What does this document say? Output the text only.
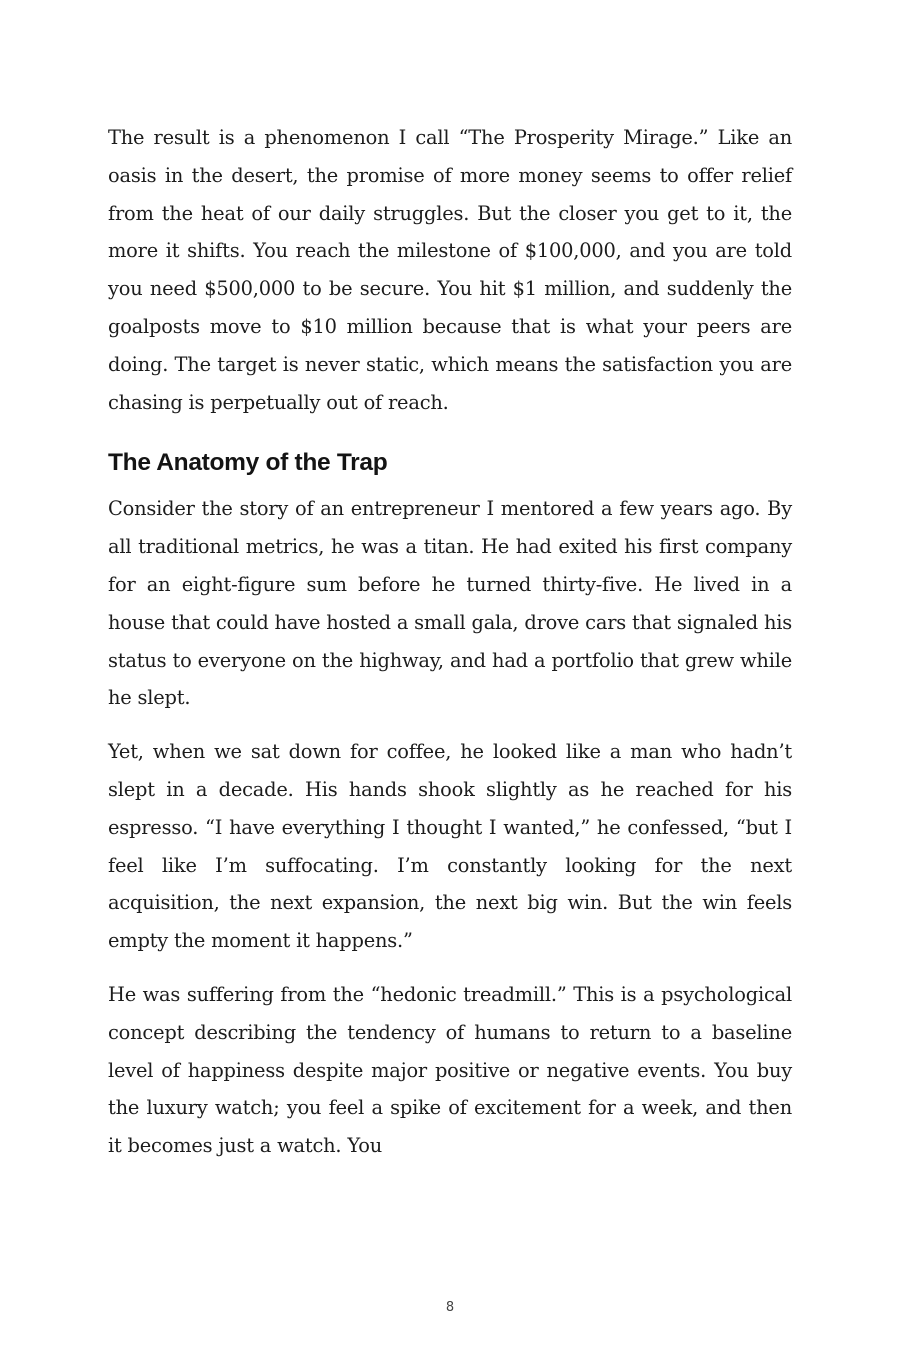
The result is a phenomenon I call “The Prosperity Mirage.” Like an oasis in the desert, the promise of more money seems to offer relief from the heat of our daily struggles. But the closer you get to it, the more it shifts. You reach the milestone of $100,000, and you are told you need $500,000 to be secure. You hit $1 million, and suddenly the goalposts move to $10 million because that is what your peers are doing. The target is never static, which means the satisfaction you are chasing is perpetually out of reach.

The Anatomy of the Trap

Consider the story of an entrepreneur I mentored a few years ago. By all traditional metrics, he was a titan. He had exited his first company for an eight-figure sum before he turned thirty-five. He lived in a house that could have hosted a small gala, drove cars that signaled his status to everyone on the highway, and had a portfolio that grew while he slept.

Yet, when we sat down for coffee, he looked like a man who hadn’t slept in a decade. His hands shook slightly as he reached for his espresso. “I have everything I thought I wanted,” he confessed, “but I feel like I’m suffocating. I’m constantly looking for the next acquisition, the next expansion, the next big win. But the win feels empty the moment it happens.”

He was suffering from the “hedonic treadmill.” This is a psychological concept describing the tendency of humans to return to a baseline level of happiness despite major positive or negative events. You buy the luxury watch; you feel a spike of excitement for a week, and then it becomes just a watch. You

8
